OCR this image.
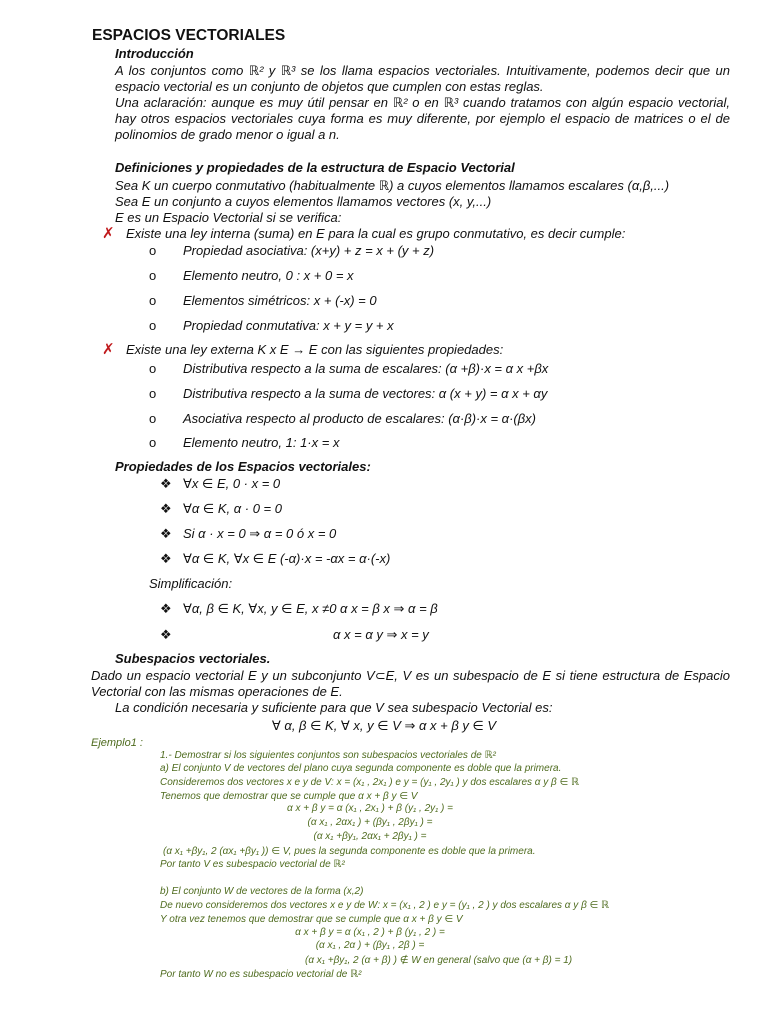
ESPACIOS VECTORIALES
Introducción
A los conjuntos como ℝ² y ℝ³ se los llama espacios vectoriales. Intuitivamente, podemos decir que un espacio vectorial es un conjunto de objetos que cumplen con estas reglas.
Una aclaración: aunque es muy útil pensar en ℝ² o en ℝ³ cuando tratamos con algún espacio vectorial, hay otros espacios vectoriales cuya forma es muy diferente, por ejemplo el espacio de matrices o el de polinomios de grado menor o igual a n.
Definiciones y propiedades de la estructura de Espacio Vectorial
Sea K un cuerpo conmutativo (habitualmente ℝ) a cuyos elementos llamamos escalares (α,β,...)
Sea E un conjunto a cuyos elementos llamamos vectores (x, y,...)
E es un Espacio Vectorial si se verifica:
✗ Existe una ley interna (suma) en E para la cual es grupo conmutativo, es decir cumple:
o Propiedad asociativa: (x+y) + z = x + (y + z)
o Elemento neutro, 0 : x + 0 = x
o Elementos simétricos: x + (-x) = 0
o Propiedad conmutativa: x + y = y + x
✗ Existe una ley externa K x E → E con las siguientes propiedades:
o Distributiva respecto a la suma de escalares: (α +β)·x = α x +βx
o Distributiva respecto a la suma de vectores: α (x + y) = α x + αy
o Asociativa respecto al producto de escalares: (α·β)·x = α·(βx)
o Elemento neutro, 1: 1·x = x
Propiedades de los Espacios vectoriales:
❖ ∀x ∈ E, 0 · x = 0
❖ ∀α ∈ K, α · 0 = 0
❖ Si α · x = 0 ⇒ α = 0 ó x = 0
❖ ∀α ∈ K, ∀x ∈ E (-α)·x = -αx = α·(-x)
Simplificación:
❖ ∀α, β ∈ K, ∀x, y ∈ E, x ≠0 α x = β x ⇒ α = β
❖	α x = α y ⇒ x = y
Subespacios vectoriales.
Dado un espacio vectorial E y un subconjunto V⊂E, V es un subespacio de E si tiene estructura de Espacio Vectorial con las mismas operaciones de E.
La condición necesaria y suficiente para que V sea subespacio Vectorial es:
∀ α, β ∈ K, ∀ x, y ∈ V ⇒ α x + β y ∈ V
Ejemplo1 :
1.- Demostrar si los siguientes conjuntos son subespacios vectoriales de ℝ²
a) El conjunto V de vectores del plano cuya segunda componente es doble que la primera.
Consideremos dos vectores x e y de V: x = (x₁ , 2x₁ ) e y = (y₁ , 2y₁ ) y dos escalares α y β ∈ ℝ
Tenemos que demostrar que se cumple que α x + β y ∈ V
α x + β y = α (x₁ , 2x₁ ) + β (y₁ , 2y₁ ) =
(α x₁ , 2αx₁ ) + (βy₁ , 2βy₁ ) =
(α x₁ +βy₁, 2αx₁ + 2βy₁ ) =
(α x₁ +βy₁, 2 (αx₁ +βy₁ )) ∈ V, pues la segunda componente es doble que la primera.
Por tanto V es subespacio vectorial de ℝ²
b) El conjunto W de vectores de la forma (x,2)
De nuevo consideremos dos vectores x e y de W: x = (x₁ , 2 ) e y = (y₁ , 2 ) y dos escalares α y β ∈ ℝ
Y otra vez tenemos que demostrar que se cumple que α x + β y ∈ V
α x + β y = α (x₁ , 2 ) + β (y₁ , 2 ) =
(α x₁ , 2α ) + (βy₁ , 2β ) =
(α x₁ +βy₁, 2 (α + β) ) ∉ W en general (salvo que (α + β) = 1)
Por tanto W no es subespacio vectorial de ℝ²
